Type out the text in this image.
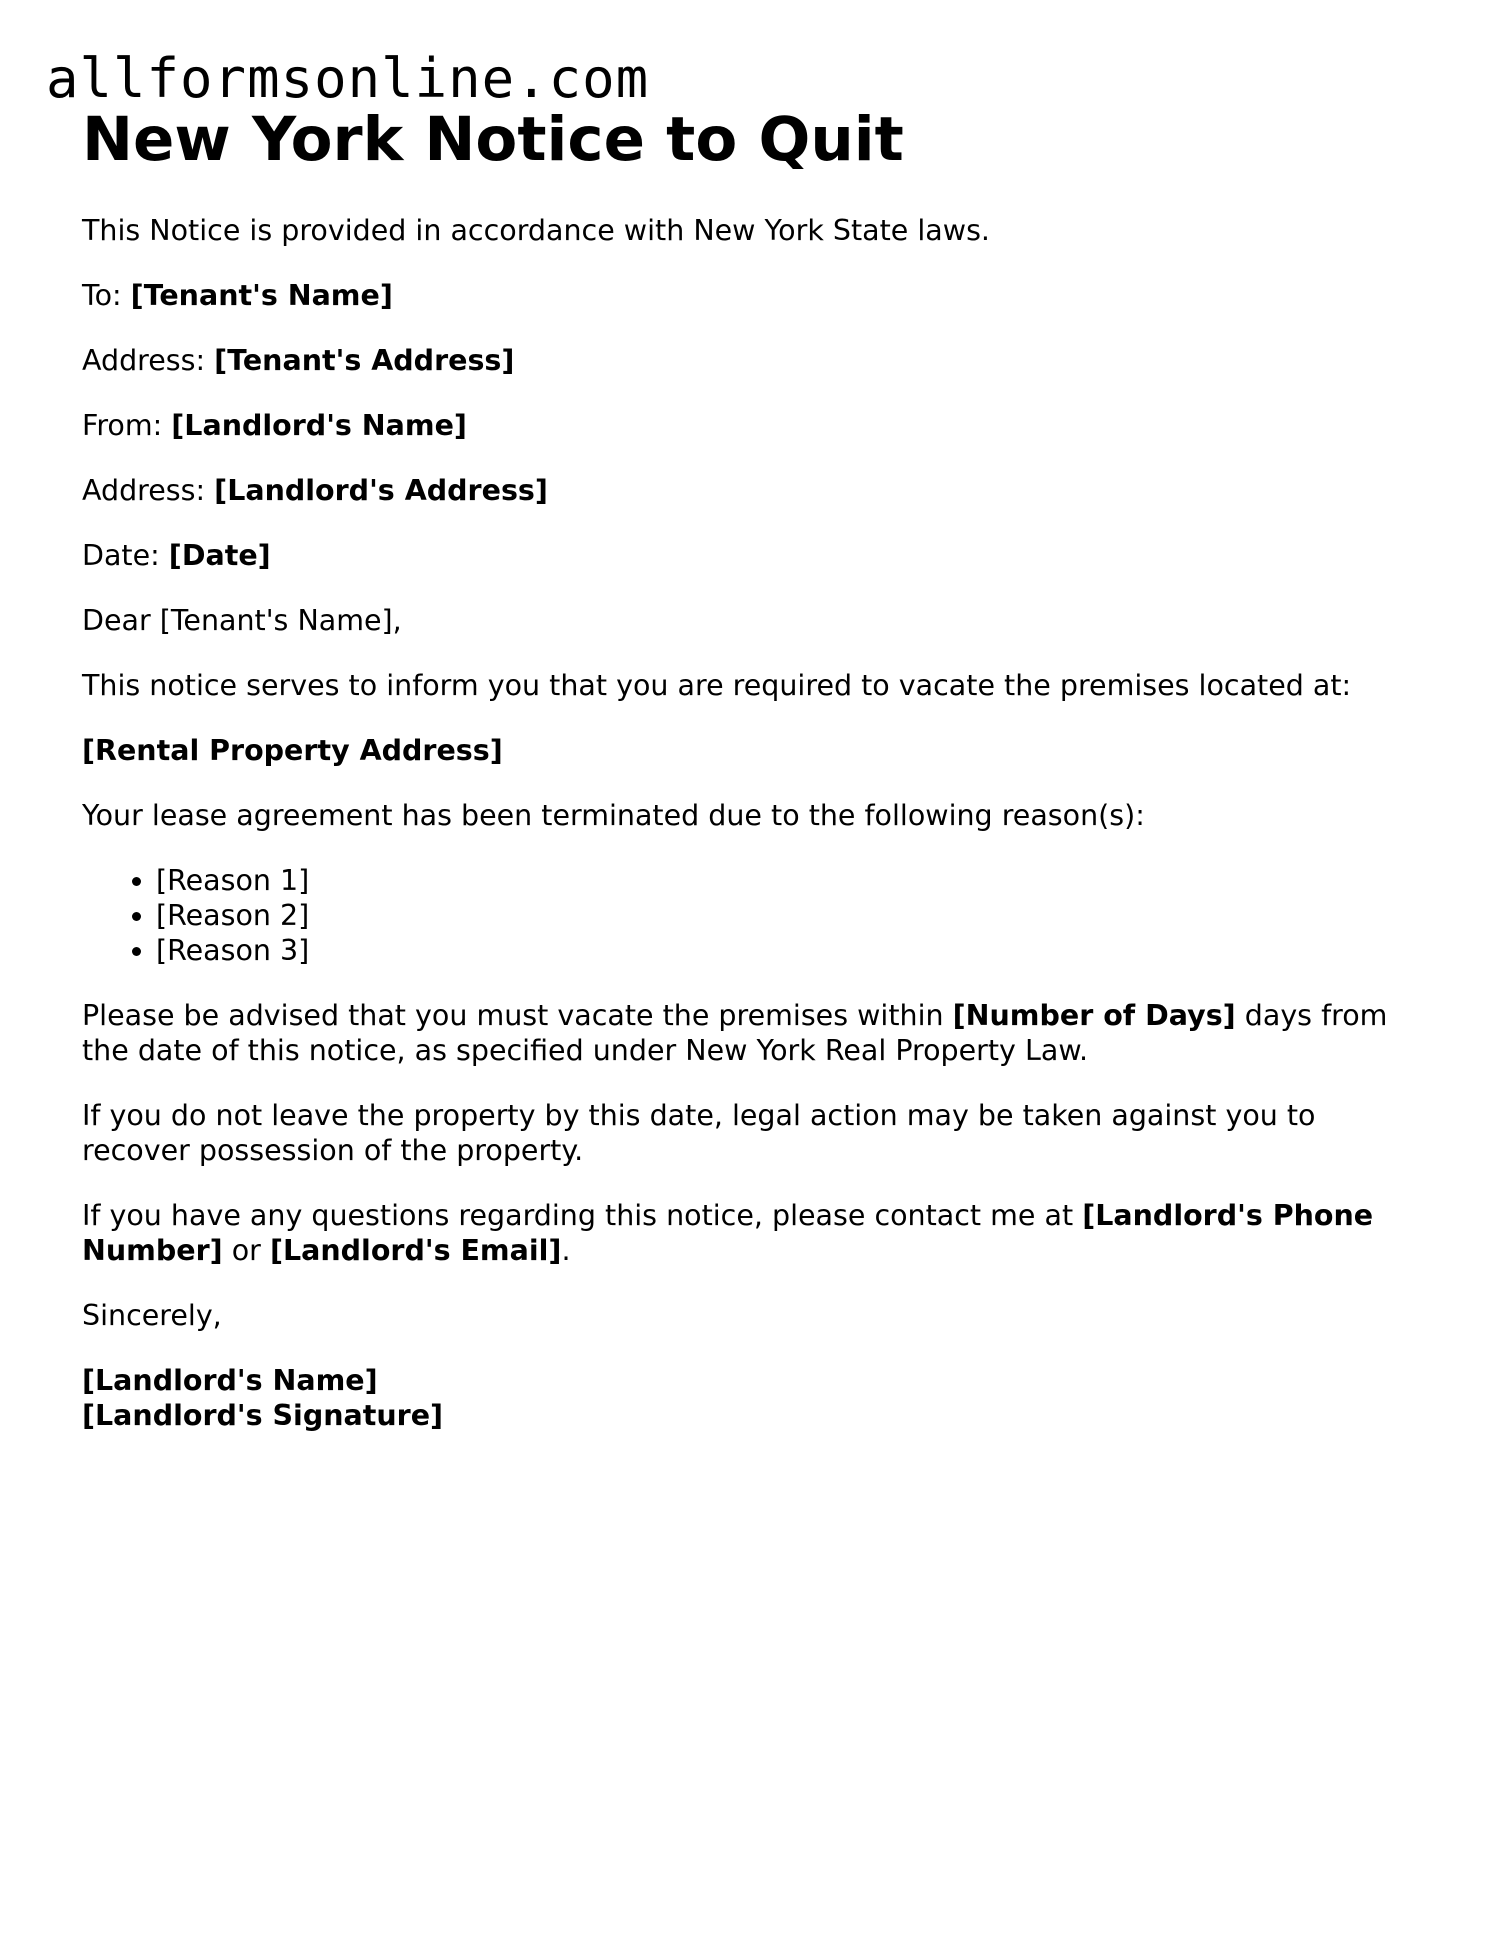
allformsonline.com
New York Notice to Quit

This Notice is provided in accordance with New York State laws.

To: [Tenant's Name]

Address: [Tenant's Address]

From: [Landlord's Name]

Address: [Landlord's Address]

Date: [Date]

Dear [Tenant's Name],

This notice serves to inform you that you are required to vacate the premises located at:

[Rental Property Address]

Your lease agreement has been terminated due to the following reason(s):

• [Reason 1]
• [Reason 2]
• [Reason 3]

Please be advised that you must vacate the premises within [Number of Days] days from the date of this notice, as specified under New York Real Property Law.

If you do not leave the property by this date, legal action may be taken against you to recover possession of the property.

If you have any questions regarding this notice, please contact me at [Landlord's Phone Number] or [Landlord's Email].

Sincerely,

[Landlord's Name]
[Landlord's Signature]
